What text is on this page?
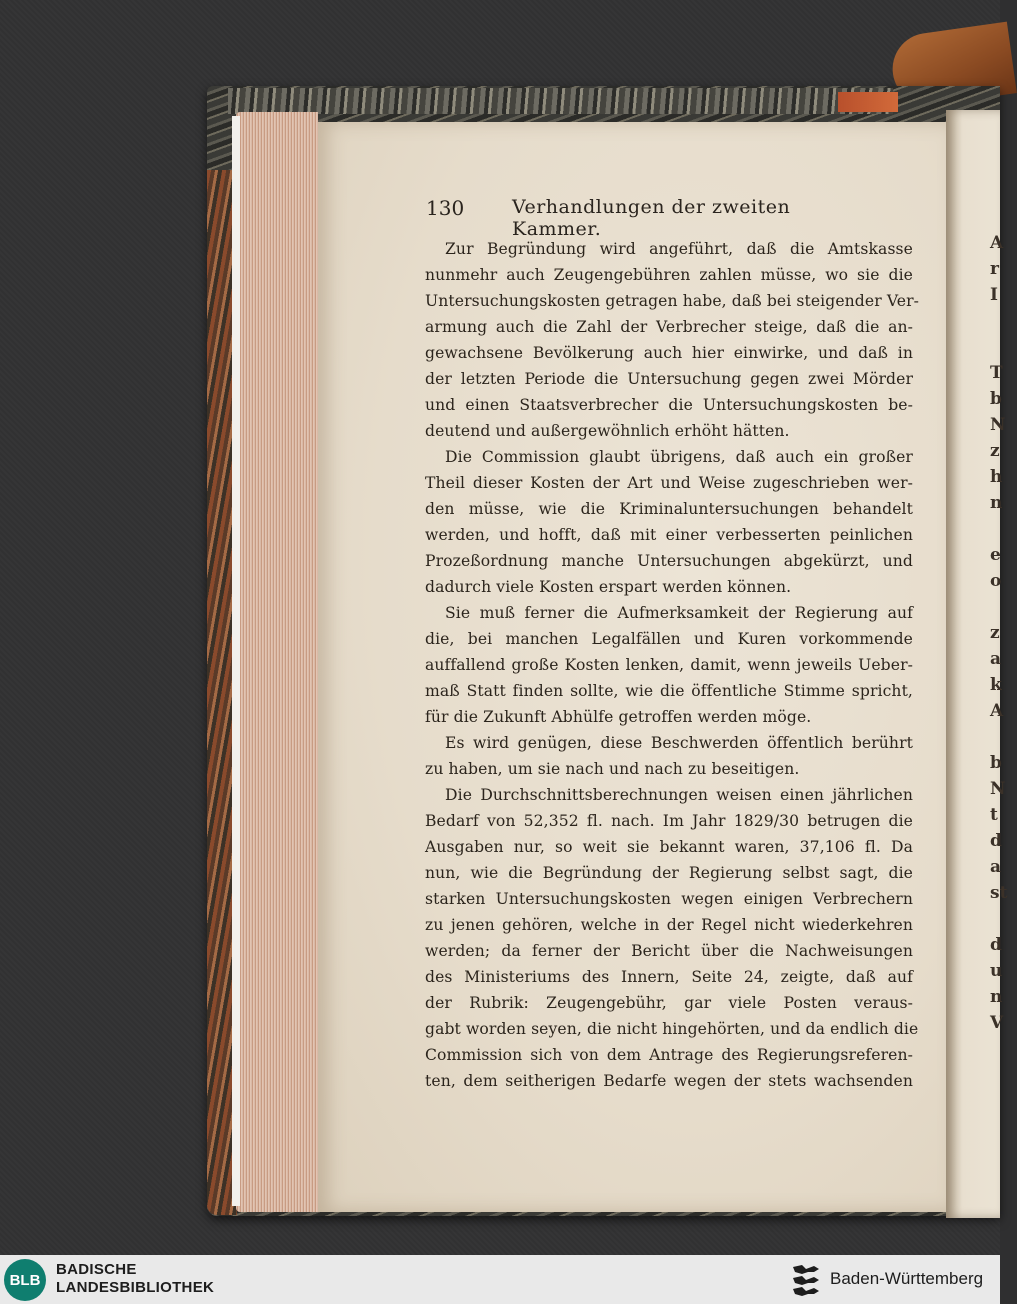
A
r
I
T
b
N
z
h
n
e
o
z
a
k
A
b
N
t
d
a
st
d
u
n
V
130	Verhandlungen der zweiten Kammer.
Zur Begründung wird angeführt, daß die Amtskasse
nunmehr auch Zeugengebühren zahlen müsse, wo sie die
Untersuchungskosten getragen habe, daß bei steigender Ver-
armung auch die Zahl der Verbrecher steige, daß die an-
gewachsene Bevölkerung auch hier einwirke, und daß in
der letzten Periode die Untersuchung gegen zwei Mörder
und einen Staatsverbrecher die Untersuchungskosten be-
deutend und außergewöhnlich erhöht hätten.
Die Commission glaubt übrigens, daß auch ein großer
Theil dieser Kosten der Art und Weise zugeschrieben wer-
den müsse, wie die Kriminaluntersuchungen behandelt
werden, und hofft, daß mit einer verbesserten peinlichen
Prozeßordnung manche Untersuchungen abgekürzt, und
dadurch viele Kosten erspart werden können.
Sie muß ferner die Aufmerksamkeit der Regierung auf
die, bei manchen Legalfällen und Kuren vorkommende
auffallend große Kosten lenken, damit, wenn jeweils Ueber-
maß Statt finden sollte, wie die öffentliche Stimme spricht,
für die Zukunft Abhülfe getroffen werden möge.
Es wird genügen, diese Beschwerden öffentlich berührt
zu haben, um sie nach und nach zu beseitigen.
Die Durchschnittsberechnungen weisen einen jährlichen
Bedarf von 52,352 fl. nach. Im Jahr 1829/30 betrugen die
Ausgaben nur, so weit sie bekannt waren, 37,106 fl. Da
nun, wie die Begründung der Regierung selbst sagt, die
starken Untersuchungskosten wegen einigen Verbrechern
zu jenen gehören, welche in der Regel nicht wiederkehren
werden; da ferner der Bericht über die Nachweisungen
des Ministeriums des Innern, Seite 24, zeigte, daß auf
der Rubrik: Zeugengebühr, gar viele Posten veraus-
gabt worden seyen, die nicht hingehörten, und da endlich die
Commission sich von dem Antrage des Regierungsreferen-
ten, dem seitherigen Bedarfe wegen der stets wachsenden
BLB
BADISCHE
LANDESBIBLIOTHEK	Baden-Württemberg
